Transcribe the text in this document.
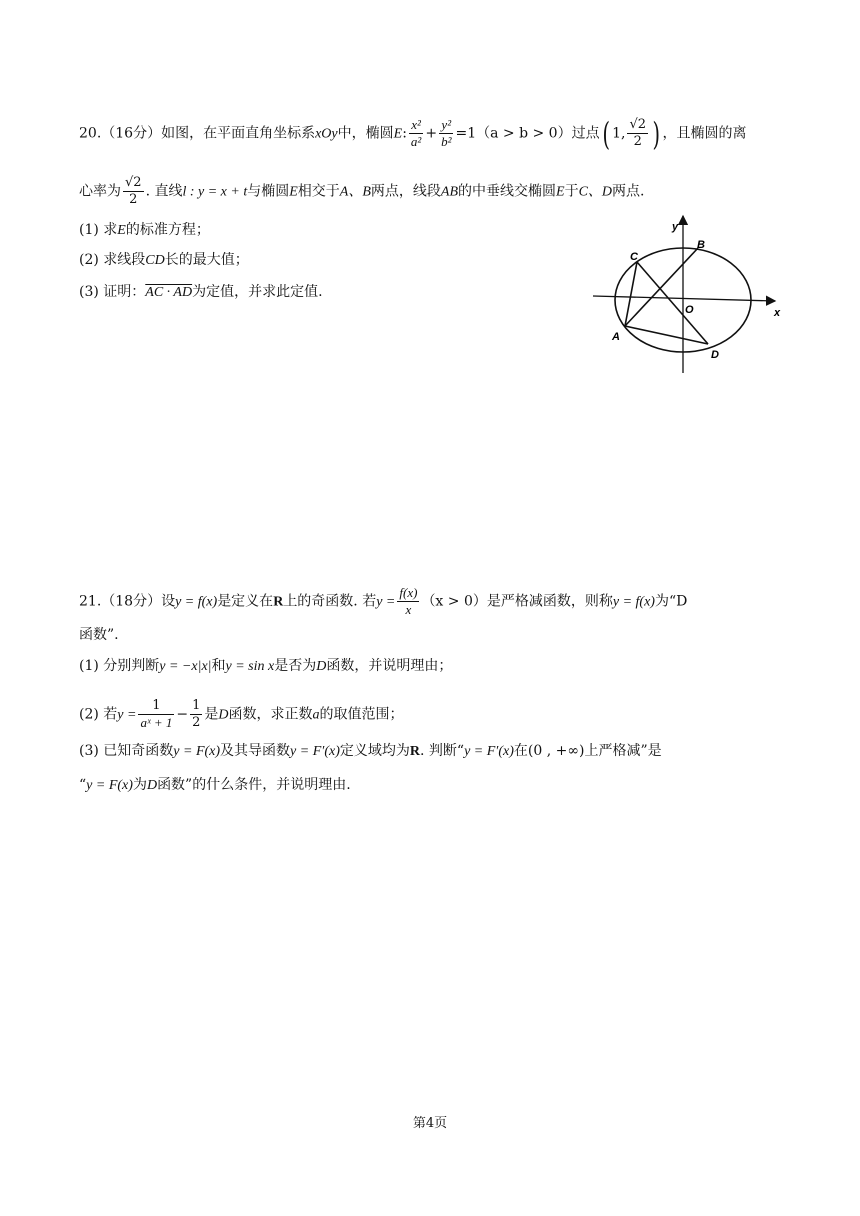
20.（16分）如图，在平面直角坐标系xOy中，椭圆E: $\frac{\text{x²}}{\text{a²}} + \frac{\text{y²}}{\text{b²}} =1(a > b > 0)$过点( 1, $\frac{√2}{2}$ ) ，且椭圆的离
心率为 $\frac{√2}{2}$ . 直线l : y = x + t与椭圆E相交于A、B两点，线段AB的中垂线交椭圆E于C、D两点.
(1) 求E的标准方程；
(2) 求线段CD长的最大值；
(3) 证明：AC · AD为定值，并求此定值.
y
x
O
A
B
C
D
21.（18分）设y = f(x)是定义在R上的奇函数. 若$y = \frac{f(x)}{x} (x > 0)$是严格减函数，则称y = f(x)为“D
函数”.
(1) 分别判断y = −x|x|和y = sin x是否为D函数，并说明理由；
(2) 若$y = \frac{1}{\text{aˣ + 1}} - \frac{1}{2}$ 是D函数，求正数a的取值范围；
(3) 已知奇函数y = F(x)及其导函数y = F′(x)定义域均为R. 判断“y = F′(x)在(0 , +∞)上严格减”是
“y = F(x)为D函数”的什么条件，并说明理由.
第4页
